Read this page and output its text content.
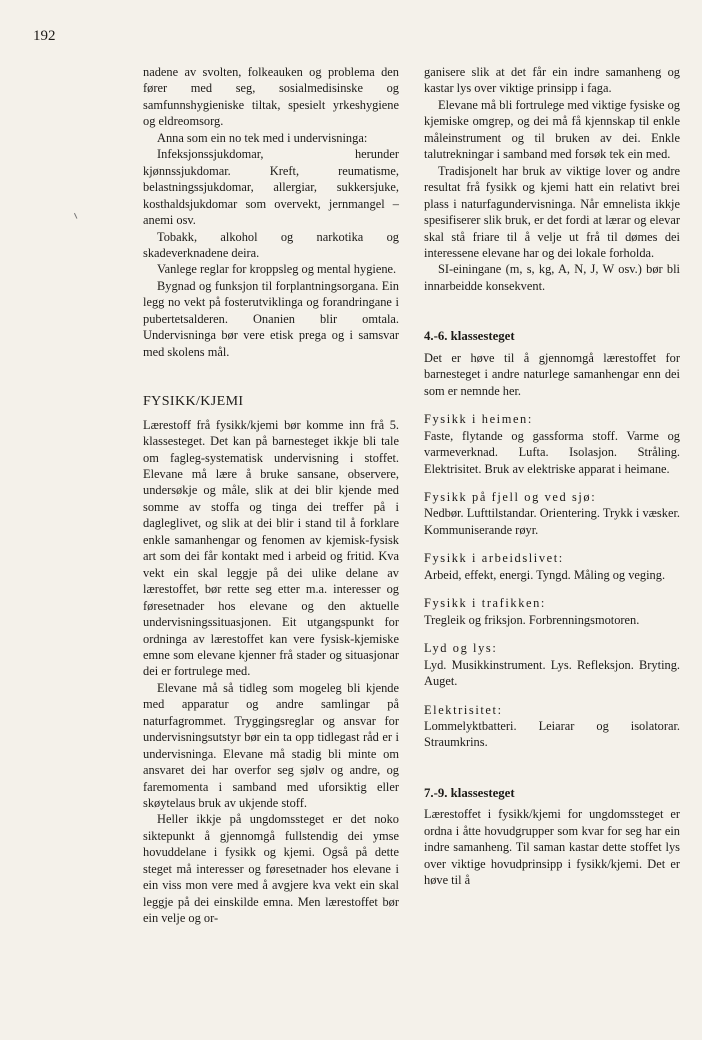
192

nadene av svolten, folkeauken og problema den fører med seg, sosialmedisinske og samfunnshygieniske tiltak, spesielt yrkeshygiene og eldreomsorg.

Anna som ein no tek med i undervisninga:

Infeksjonssjukdomar, herunder kjønnssjukdomar. Kreft, reumatisme, belastningssjukdomar, allergiar, sukkersjuke, kosthaldsjukdomar som overvekt, jernmangel – anemi osv.

Tobakk, alkohol og narkotika og skadeverknadene deira.

Vanlege reglar for kroppsleg og mental hygiene.

Bygnad og funksjon til forplantningsorgana. Ein legg no vekt på fosterutviklinga og forandringane i pubertetsalderen. Onanien blir omtala. Undervisninga bør vere etisk prega og i samsvar med skolens mål.

FYSIKK/KJEMI

Lærestoff frå fysikk/kjemi bør komme inn frå 5. klassesteget. Det kan på barnesteget ikkje bli tale om fagleg-systematisk undervisning i stoffet. Elevane må lære å bruke sansane, observere, undersøkje og måle, slik at dei blir kjende med somme av stoffa og tinga dei treffer på i dagleglivet, og slik at dei blir i stand til å forklare enkle samanhengar og fenomen av kjemisk-fysisk art som dei får kontakt med i arbeid og fritid. Kva vekt ein skal leggje på dei ulike delane av lærestoffet, bør rette seg etter m.a. interesser og føresetnader hos elevane og den aktuelle undervisningssituasjonen. Eit utgangspunkt for ordninga av lærestoffet kan vere fysisk-kjemiske emne som elevane kjenner frå stader og situasjonar dei er fortrulege med.

Elevane må så tidleg som mogeleg bli kjende med apparatur og andre samlingar på naturfagrommet. Tryggingsreglar og ansvar for undervisningsutstyr bør ein ta opp tidlegast råd er i undervisninga. Elevane må stadig bli minte om ansvaret dei har overfor seg sjølv og andre, og faremomenta i samband med uforsiktig eller skøytelaus bruk av ukjende stoff.

Heller ikkje på ungdomssteget er det noko siktepunkt å gjennomgå fullstendig dei ymse hovuddelane i fysikk og kjemi. Også på dette steget må interesser og føresetnader hos elevane i ein viss mon vere med å avgjere kva vekt ein skal leggje på dei einskilde emna. Men lærestoffet bør ein velje og or-

ganisere slik at det får ein indre samanheng og kastar lys over viktige prinsipp i faga.

Elevane må bli fortrulege med viktige fysiske og kjemiske omgrep, og dei må få kjennskap til enkle måleinstrument og til bruken av dei. Enkle talutrekningar i samband med forsøk tek ein med.

Tradisjonelt har bruk av viktige lover og andre resultat frå fysikk og kjemi hatt ein relativt brei plass i naturfagundervisninga. Når emnelista ikkje spesifiserer slik bruk, er det fordi at lærar og elevar skal stå friare til å velje ut frå til dømes dei interessene elevane har og dei lokale forholda.

SI-einingane (m, s, kg, A, N, J, W osv.) bør bli innarbeidde konsekvent.

4.-6. klassesteget

Det er høve til å gjennomgå lærestoffet for barnesteget i andre naturlege samanhengar enn dei som er nemnde her.

Fysikk i heimen:

Faste, flytande og gassforma stoff. Varme og varmeverknad. Lufta. Isolasjon. Stråling. Elektrisitet. Bruk av elektriske apparat i heimane.

Fysikk på fjell og ved sjø:

Nedbør. Lufttilstandar. Orientering. Trykk i væsker. Kommuniserande røyr.

Fysikk i arbeidslivet:

Arbeid, effekt, energi. Tyngd. Måling og veging.

Fysikk i trafikken:

Tregleik og friksjon. Forbrenningsmotoren.

Lyd og lys:

Lyd. Musikkinstrument. Lys. Refleksjon. Bryting. Auget.

Elektrisitet:

Lommelyktbatteri. Leiarar og isolatorar. Straumkrins.

7.-9. klassesteget

Lærestoffet i fysikk/kjemi for ungdomssteget er ordna i åtte hovudgrupper som kvar for seg har ein indre samanheng. Til saman kastar dette stoffet lys over viktige hovudprinsipp i fysikk/kjemi. Det er høve til å
